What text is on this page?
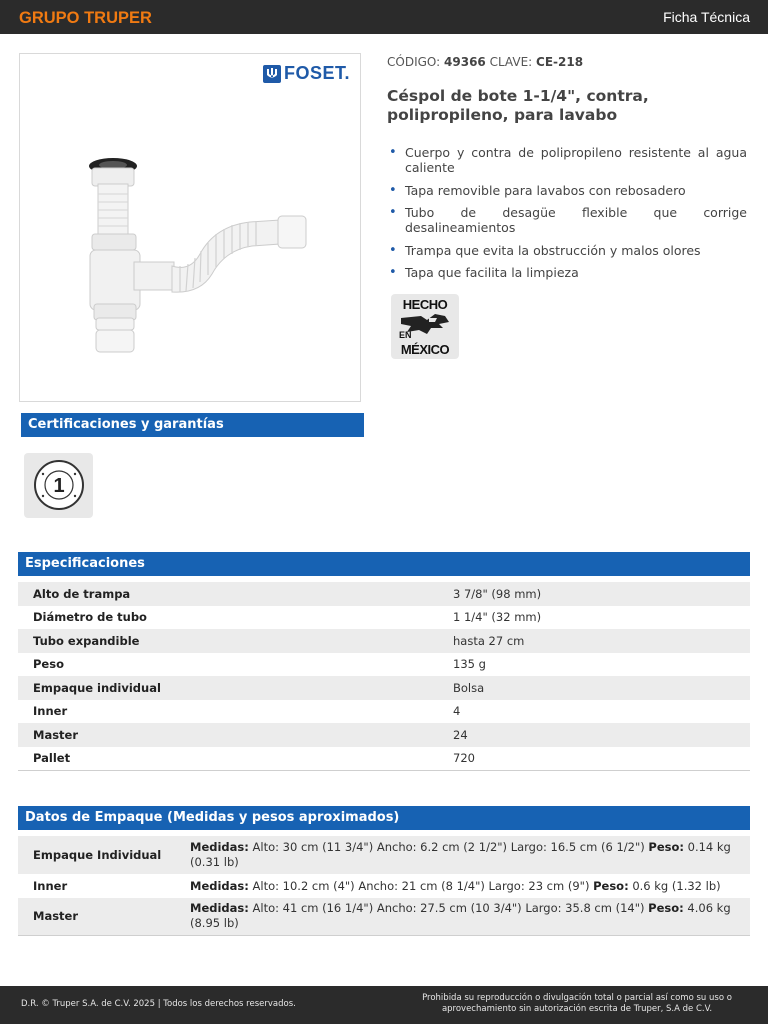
GRUPO TRUPER	Ficha Técnica
FOSET.
CÓDIGO: 49366 CLAVE: CE-218
Céspol de bote 1-1/4", contra, polipropileno, para lavabo
• Cuerpo y contra de polipropileno resistente al agua caliente
• Tapa removible para lavabos con rebosadero
• Tubo de desagüe flexible que corrige desalineamientos
• Trampa que evita la obstrucción y malos olores
• Tapa que facilita la limpieza
HECHO
EN
MÉXICO
Certificaciones y garantías
1
Especificaciones
Alto de trampa	3 7/8" (98 mm)
Diámetro de tubo	1 1/4" (32 mm)
Tubo expandible	hasta 27 cm
Peso	135 g
Empaque individual	Bolsa
Inner	4
Master	24
Pallet	720
Datos de Empaque (Medidas y pesos aproximados)
Empaque Individual	Medidas: Alto: 30 cm (11 3/4") Ancho: 6.2 cm (2 1/2") Largo: 16.5 cm (6 1/2") Peso: 0.14 kg (0.31 lb)
Inner	Medidas: Alto: 10.2 cm (4") Ancho: 21 cm (8 1/4") Largo: 23 cm (9") Peso: 0.6 kg (1.32 lb)
Master	Medidas: Alto: 41 cm (16 1/4") Ancho: 27.5 cm (10 3/4") Largo: 35.8 cm (14") Peso: 4.06 kg (8.95 lb)
D.R. © Truper S.A. de C.V. 2025 | Todos los derechos reservados.
Prohibida su reproducción o divulgación total o parcial así como su uso o aprovechamiento sin autorización escrita de Truper, S.A de C.V.
